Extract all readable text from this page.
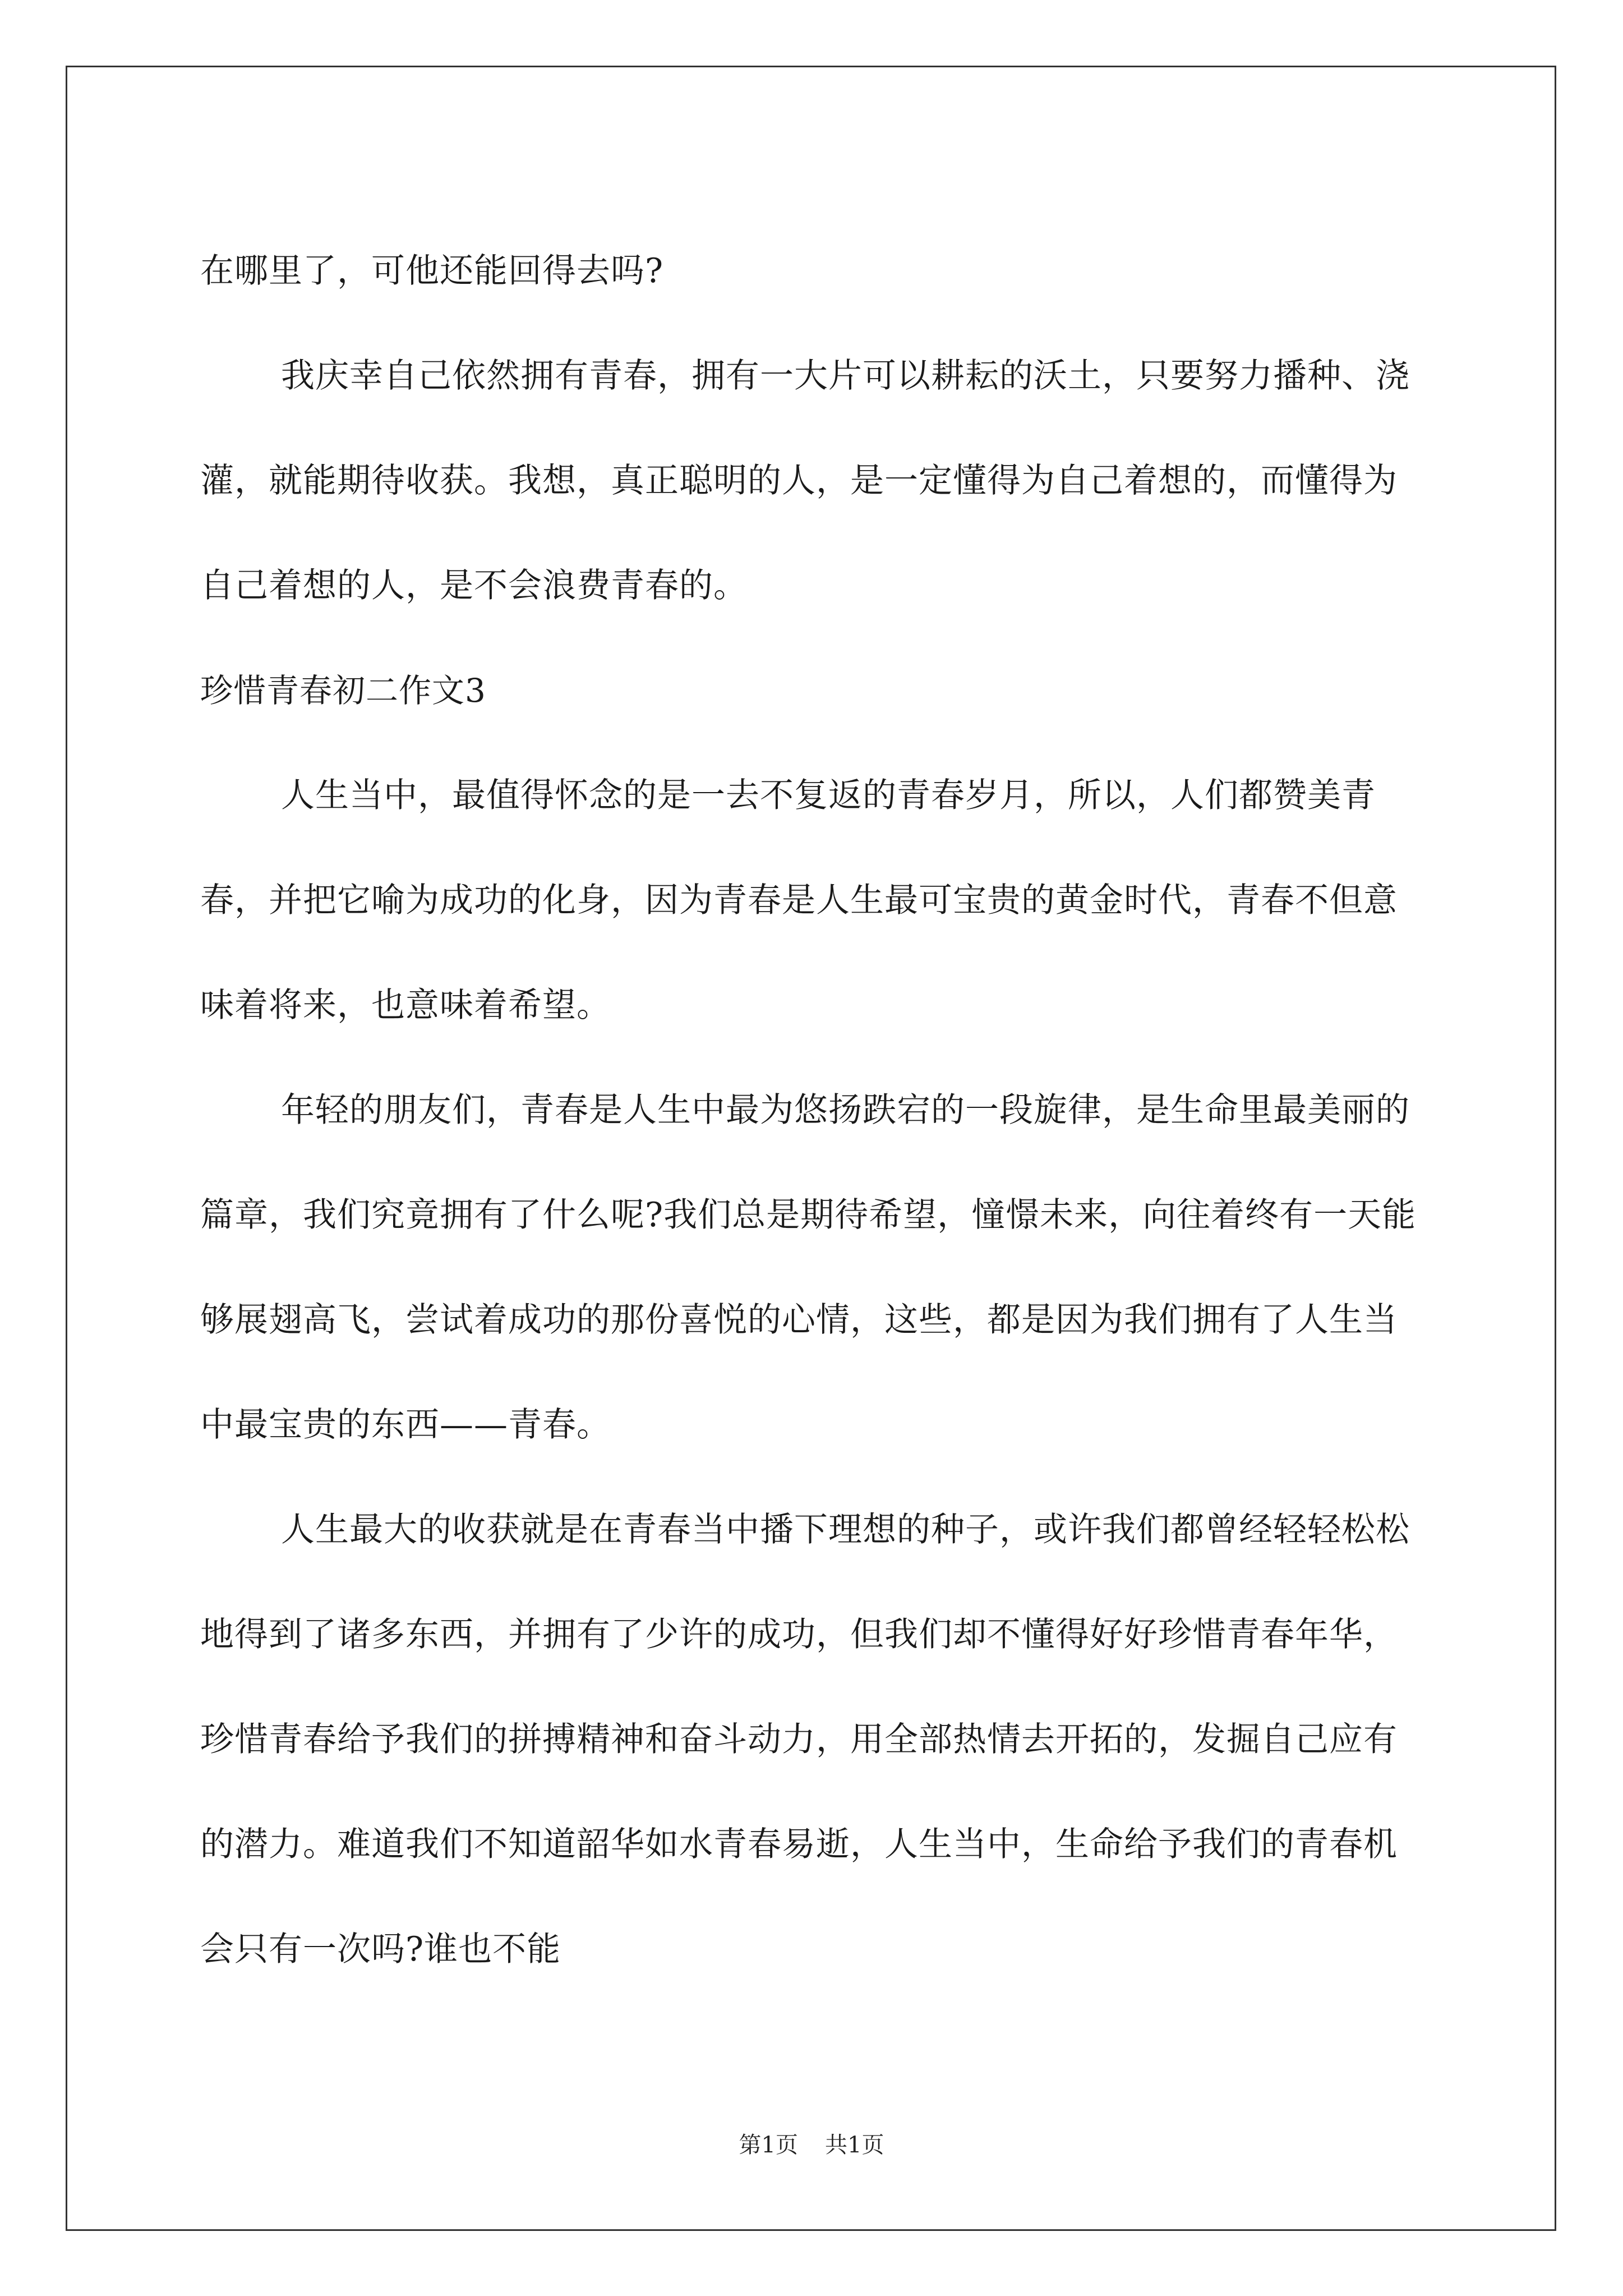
在哪里了，可他还能回得去吗?

我庆幸自己依然拥有青春，拥有一大片可以耕耘的沃土，只要努力播种、浇灌，就能期待收获。我想，真正聪明的人，是一定懂得为自己着想的，而懂得为自己着想的人，是不会浪费青春的。

珍惜青春初二作文3

人生当中，最值得怀念的是一去不复返的青春岁月，所以，人们都赞美青春，并把它喻为成功的化身，因为青春是人生最可宝贵的黄金时代，青春不但意味着将来，也意味着希望。

年轻的朋友们，青春是人生中最为悠扬跌宕的一段旋律，是生命里最美丽的篇章，我们究竟拥有了什么呢?我们总是期待希望，憧憬未来，向往着终有一天能够展翅高飞，尝试着成功的那份喜悦的心情，这些，都是因为我们拥有了人生当中最宝贵的东西——青春。

人生最大的收获就是在青春当中播下理想的种子，或许我们都曾经轻轻松松地得到了诸多东西，并拥有了少许的成功，但我们却不懂得好好珍惜青春年华，珍惜青春给予我们的拼搏精神和奋斗动力，用全部热情去开拓的，发掘自己应有的潜力。难道我们不知道韶华如水青春易逝，人生当中，生命给予我们的青春机会只有一次吗?谁也不能

第1页 共1页
